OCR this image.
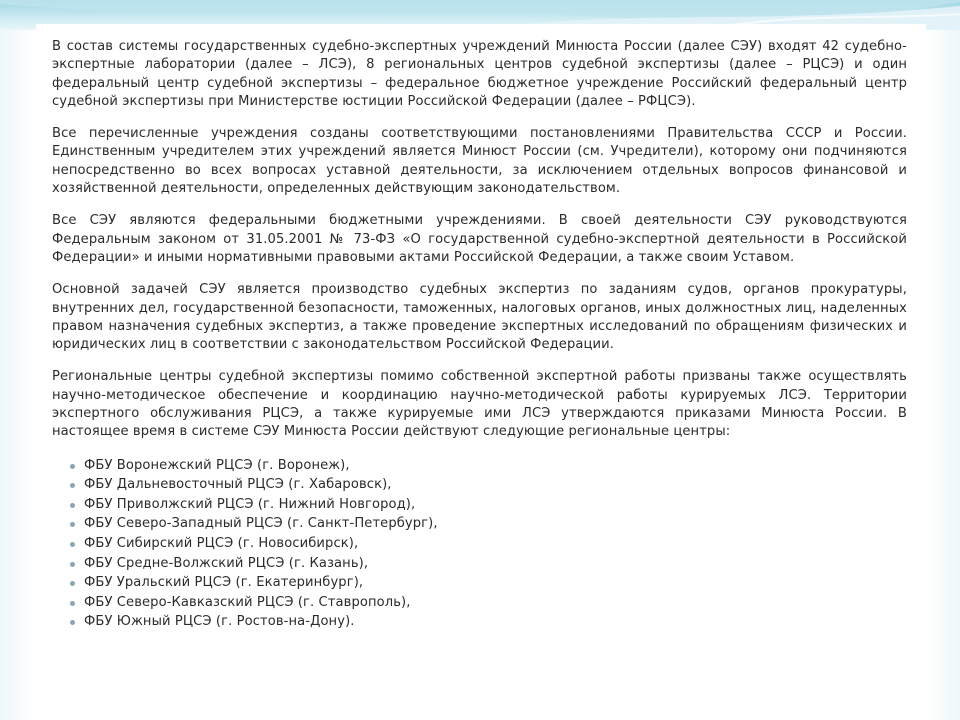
В состав системы государственных судебно-экспертных учреждений Минюста России (далее СЭУ) входят 42 судебно-экспертные лаборатории (далее – ЛСЭ), 8 региональных центров судебной экспертизы (далее – РЦСЭ) и один федеральный центр судебной экспертизы – федеральное бюджетное учреждение Российский федеральный центр судебной экспертизы при Министерстве юстиции Российской Федерации (далее – РФЦСЭ).

Все перечисленные учреждения созданы соответствующими постановлениями Правительства СССР и России. Единственным учредителем этих учреждений является Минюст России (см. Учредители), которому они подчиняются непосредственно во всех вопросах уставной деятельности, за исключением отдельных вопросов финансовой и хозяйственной деятельности, определенных действующим законодательством.

Все СЭУ являются федеральными бюджетными учреждениями. В своей деятельности СЭУ руководствуются Федеральным законом от 31.05.2001 № 73-ФЗ «О государственной судебно-экспертной деятельности в Российской Федерации» и иными нормативными правовыми актами Российской Федерации, а также своим Уставом.

Основной задачей СЭУ является производство судебных экспертиз по заданиям судов, органов прокуратуры, внутренних дел, государственной безопасности, таможенных, налоговых органов, иных должностных лиц, наделенных правом назначения судебных экспертиз, а также проведение экспертных исследований по обращениям физических и юридических лиц в соответствии с законодательством Российской Федерации.

Региональные центры судебной экспертизы помимо собственной экспертной работы призваны также осуществлять научно-методическое обеспечение и координацию научно-методической работы курируемых ЛСЭ. Территории экспертного обслуживания РЦСЭ, а также курируемые ими ЛСЭ утверждаются приказами Минюста России. В настоящее время в системе СЭУ Минюста России действуют следующие региональные центры:

ФБУ Воронежский РЦСЭ (г. Воронеж),
ФБУ Дальневосточный РЦСЭ (г. Хабаровск),
ФБУ Приволжский РЦСЭ (г. Нижний Новгород),
ФБУ Северо-Западный РЦСЭ (г. Санкт-Петербург),
ФБУ Сибирский РЦСЭ (г. Новосибирск),
ФБУ Средне-Волжский РЦСЭ (г. Казань),
ФБУ Уральский РЦСЭ (г. Екатеринбург),
ФБУ Северо-Кавказский РЦСЭ (г. Ставрополь),
ФБУ Южный РЦСЭ (г. Ростов-на-Дону).
